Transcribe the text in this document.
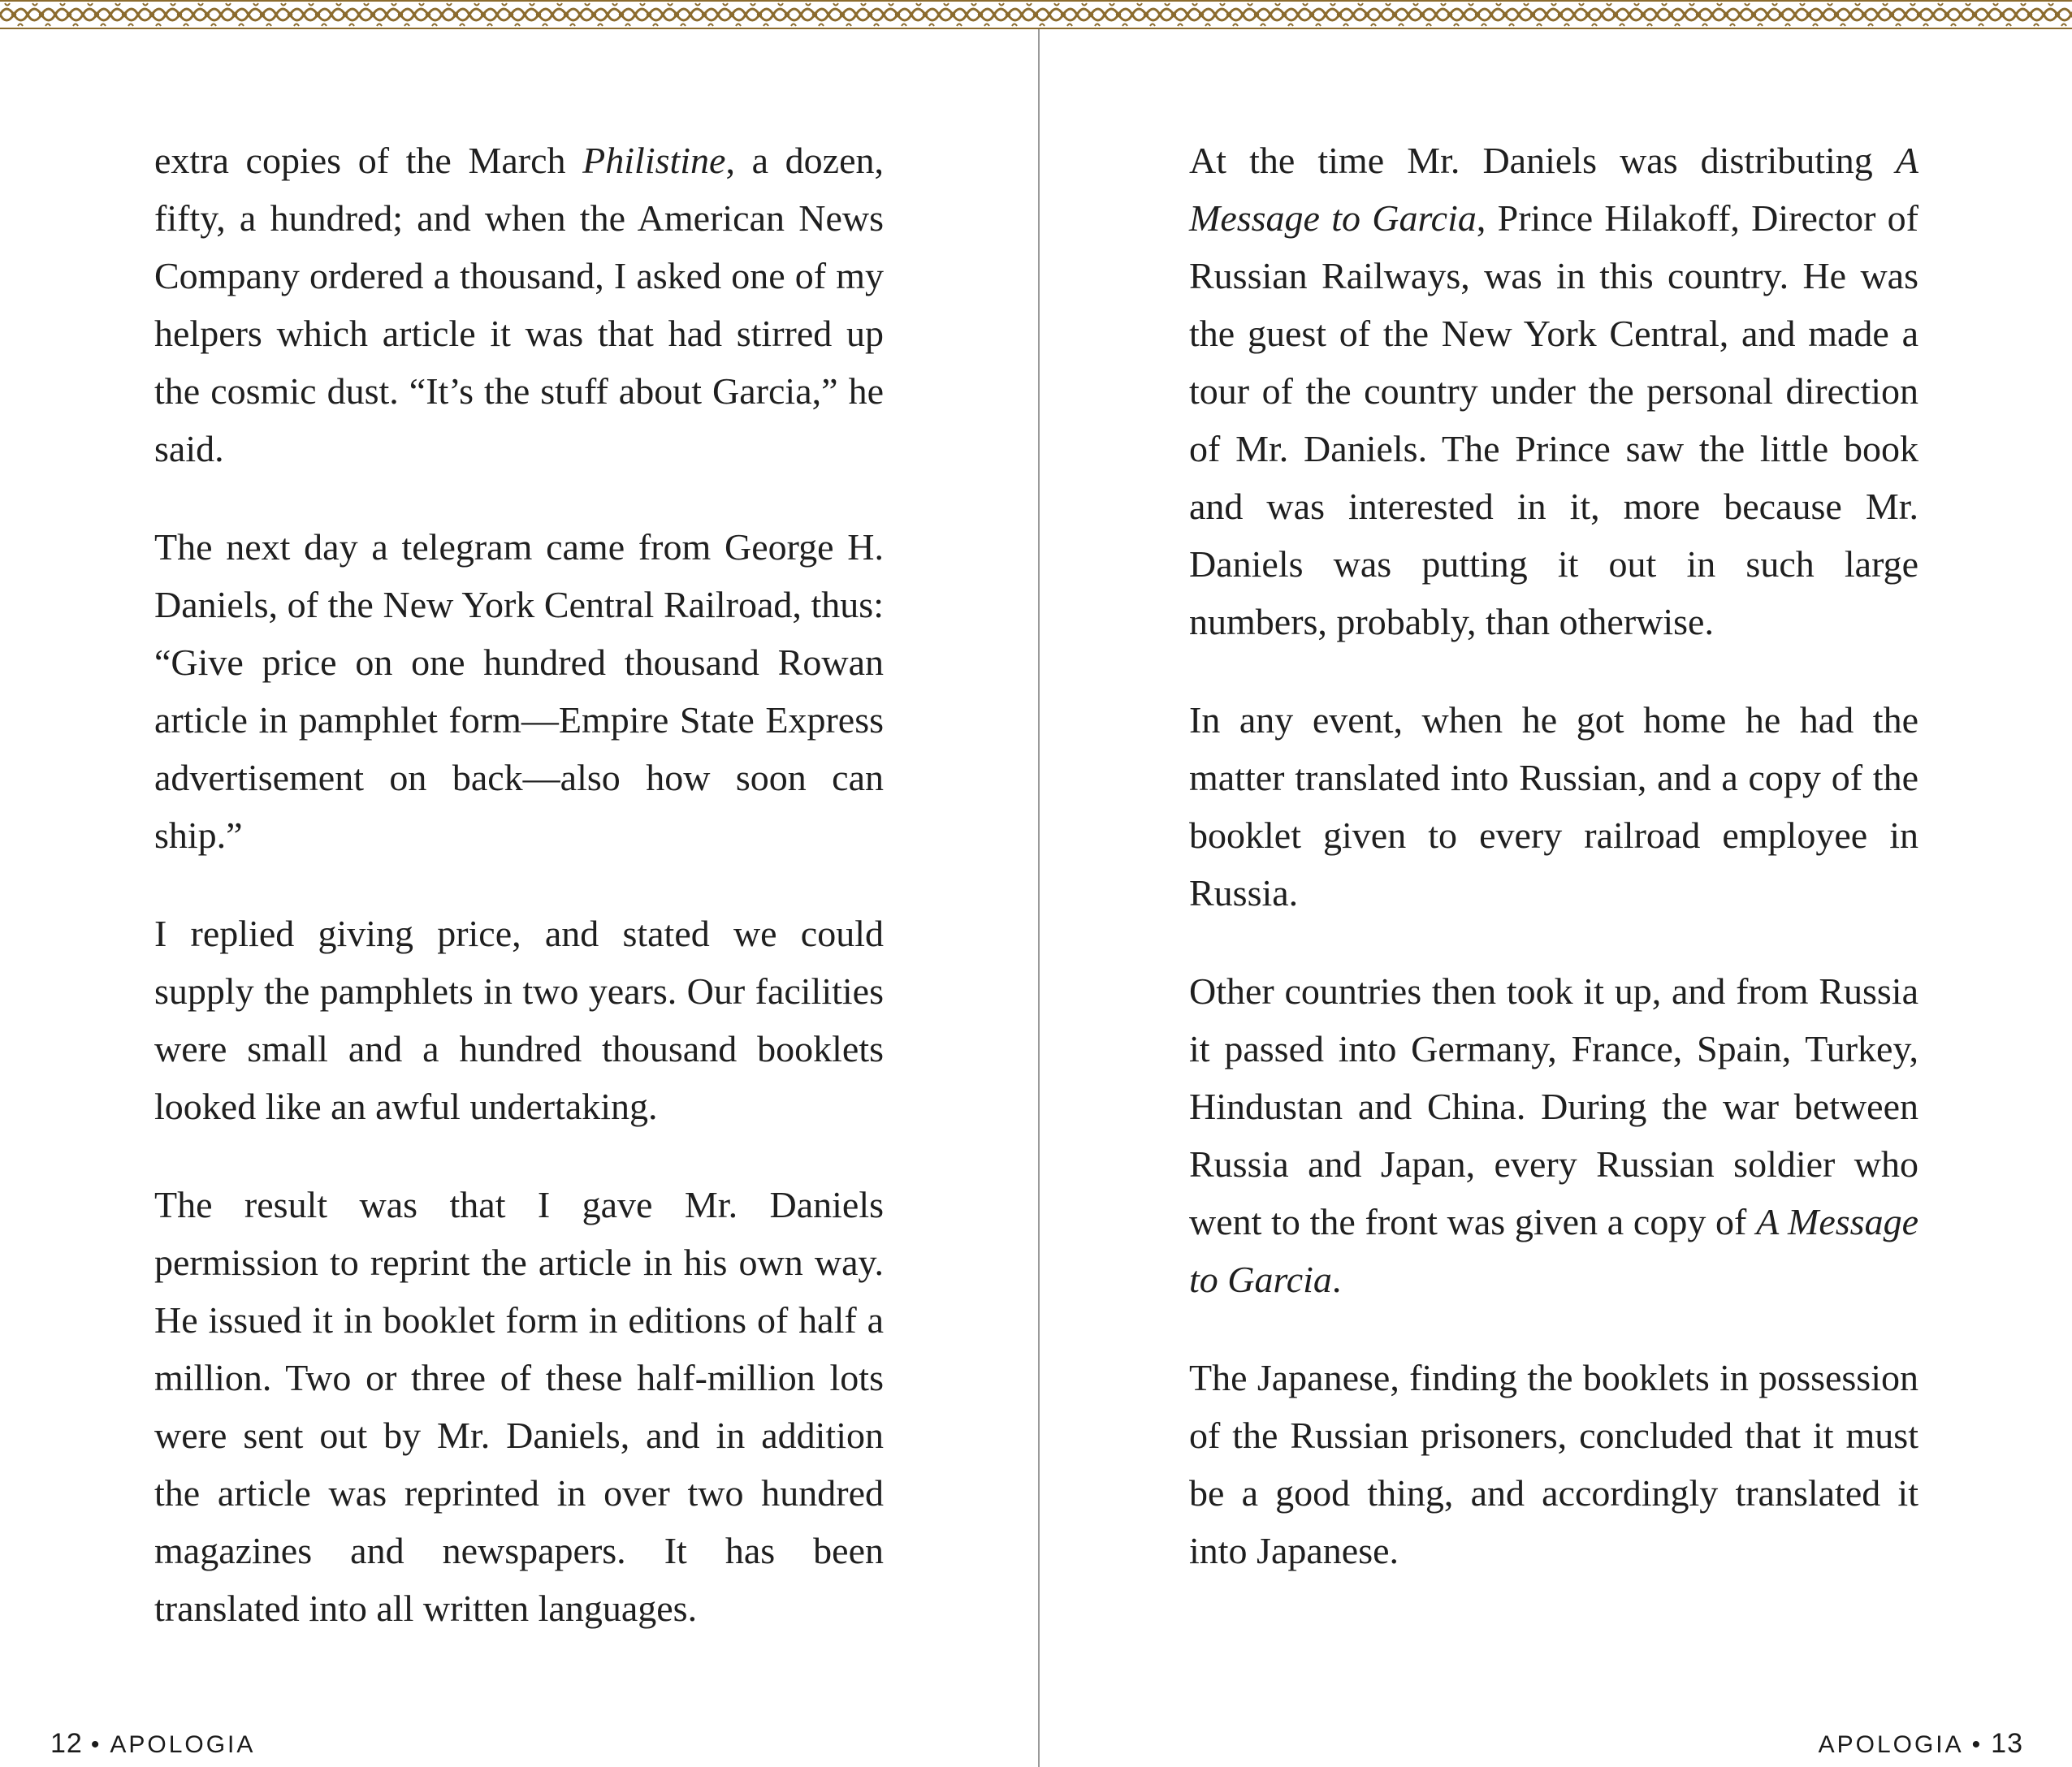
extra copies of the March Philistine, a dozen, fifty, a hundred; and when the American News Company ordered a thousand, I asked one of my helpers which article it was that had stirred up the cosmic dust. “It’s the stuff about Garcia,” he said.

The next day a telegram came from George H. Daniels, of the New York Central Railroad, thus: “Give price on one hundred thousand Rowan article in pamphlet form—Empire State Express advertisement on back—also how soon can ship.”

I replied giving price, and stated we could supply the pamphlets in two years. Our facilities were small and a hundred thousand booklets looked like an awful undertaking.

The result was that I gave Mr. Daniels permission to reprint the article in his own way. He issued it in booklet form in editions of half a million. Two or three of these half-million lots were sent out by Mr. Daniels, and in addition the article was reprinted in over two hundred magazines and newspapers. It has been translated into all written languages.

12 • APOLOGIA

At the time Mr. Daniels was distributing A Message to Garcia, Prince Hilakoff, Director of Russian Railways, was in this country. He was the guest of the New York Central, and made a tour of the country under the personal direction of Mr. Daniels. The Prince saw the little book and was interested in it, more because Mr. Daniels was putting it out in such large numbers, probably, than otherwise.

In any event, when he got home he had the matter translated into Russian, and a copy of the booklet given to every railroad employee in Russia.

Other countries then took it up, and from Russia it passed into Germany, France, Spain, Turkey, Hindustan and China. During the war between Russia and Japan, every Russian soldier who went to the front was given a copy of A Message to Garcia.

The Japanese, finding the booklets in possession of the Russian prisoners, concluded that it must be a good thing, and accordingly translated it into Japanese.

APOLOGIA • 13
